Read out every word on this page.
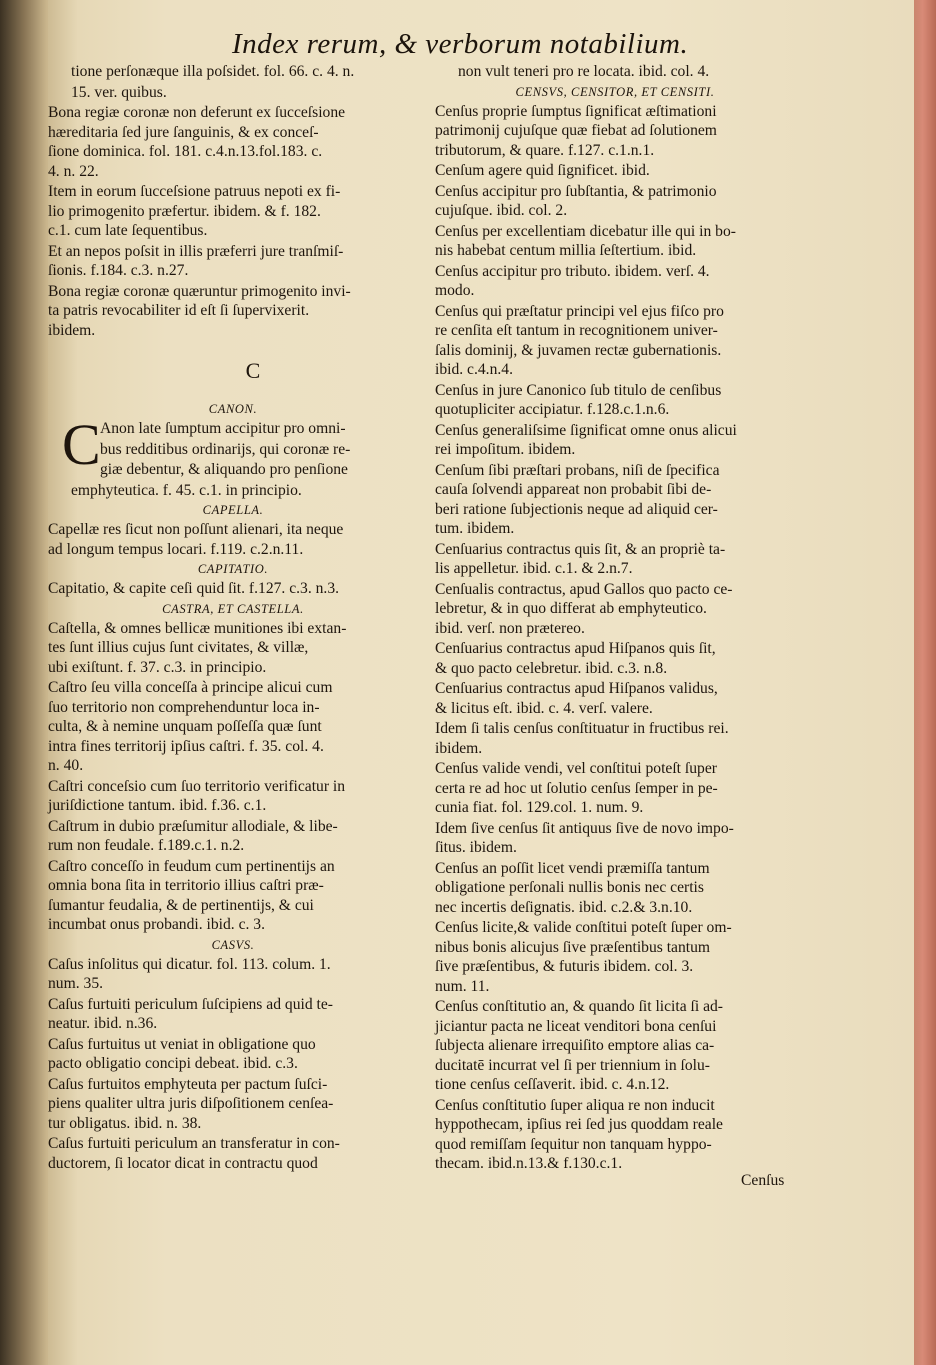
Index rerum, & verborum notabilium.
tione perſonæque illa poſsidet. fol. 66. c. 4. n.
15. ver. quibus.
Bona regiæ coronæ non deferunt ex ſucceſsione
hæreditaria ſed jure ſanguinis, & ex conceſ-
ſione dominica. fol. 181. c.4.n.13.fol.183. c.
4. n. 22.
Item in eorum ſucceſsione patruus nepoti ex fi-
lio primogenito præfertur. ibidem. & f. 182.
c.1. cum late ſequentibus.
Et an nepos poſsit in illis præferri jure tranſmiſ-
ſionis. f.184. c.3. n.27.
Bona regiæ coronæ quæruntur primogenito invi-
ta patris revocabiliter id eſt ſi ſupervixerit.
ibidem.
C
CANON.
C Anon late ſumptum accipitur pro omni-
bus redditibus ordinarijs, qui coronæ re-
giæ debentur, & aliquando pro penſione
emphyteutica. f. 45. c.1. in principio.
CAPELLA.
Capellæ res ſicut non poſſunt alienari, ita neque
ad longum tempus locari. f.119. c.2.n.11.
CAPITATIO.
Capitatio, & capite ceſi quid ſit. f.127. c.3. n.3.
CASTRA, ET CASTELLA.
Caſtella, & omnes bellicæ munitiones ibi extan-
tes ſunt illius cujus ſunt civitates, & villæ,
ubi exiſtunt. f. 37. c.3. in principio.
Caſtro ſeu villa conceſſa à principe alicui cum
ſuo territorio non comprehenduntur loca in-
culta, & à nemine unquam poſſeſſa quæ ſunt
intra fines territorij ipſius caſtri. f. 35. col. 4.
n. 40.
Caſtri conceſsio cum ſuo territorio verificatur in
juriſdictione tantum. ibid. f.36. c.1.
Caſtrum in dubio præſumitur allodiale, & libe-
rum non feudale. f.189.c.1. n.2.
Caſtro conceſſo in feudum cum pertinentijs an
omnia bona ſita in territorio illius caſtri præ-
ſumantur feudalia, & de pertinentijs, & cui
incumbat onus probandi. ibid. c. 3.
CASVS.
Caſus inſolitus qui dicatur. fol. 113. colum. 1.
num. 35.
Caſus furtuiti periculum ſuſcipiens ad quid te-
neatur. ibid. n.36.
Caſus furtuitus ut veniat in obligatione quo
pacto obligatio concipi debeat. ibid. c.3.
Caſus furtuitos emphyteuta per pactum ſuſci-
piens qualiter ultra juris diſpoſitionem cenſea-
tur obligatus. ibid. n. 38.
Caſus furtuiti periculum an transferatur in con-
ductorem, ſi locator dicat in contractu quod
non vult teneri pro re locata. ibid. col. 4.
CENSVS, CENSITOR, ET CENSITI.
Cenſus proprie ſumptus ſignificat æſtimationi
patrimonij cujuſque quæ fiebat ad ſolutionem
tributorum, & quare. f.127. c.1.n.1.
Cenſum agere quid ſignificet. ibid.
Cenſus accipitur pro ſubſtantia, & patrimonio
cujuſque. ibid. col. 2.
Cenſus per excellentiam dicebatur ille qui in bo-
nis habebat centum millia ſeſtertium. ibid.
Cenſus accipitur pro tributo. ibidem. verſ. 4.
modo.
Cenſus qui præſtatur principi vel ejus fiſco pro
re cenſita eſt tantum in recognitionem univer-
ſalis dominij, & juvamen rectæ gubernationis.
ibid. c.4.n.4.
Cenſus in jure Canonico ſub titulo de cenſibus
quotupliciter accipiatur. f.128.c.1.n.6.
Cenſus generaliſsime ſignificat omne onus alicui
rei impoſitum. ibidem.
Cenſum ſibi præſtari probans, niſi de ſpecifica
cauſa ſolvendi appareat non probabit ſibi de-
beri ratione ſubjectionis neque ad aliquid cer-
tum. ibidem.
Cenſuarius contractus quis ſit, & an propriè ta-
lis appelletur. ibid. c.1. & 2.n.7.
Cenſualis contractus, apud Gallos quo pacto ce-
lebretur, & in quo differat ab emphyteutico.
ibid. verſ. non prætereo.
Cenſuarius contractus apud Hiſpanos quis ſit,
& quo pacto celebretur. ibid. c.3. n.8.
Cenſuarius contractus apud Hiſpanos validus,
& licitus eſt. ibid. c. 4. verſ. valere.
Idem ſi talis cenſus conſtituatur in fructibus rei.
ibidem.
Cenſus valide vendi, vel conſtitui poteſt ſuper
certa re ad hoc ut ſolutio cenſus ſemper in pe-
cunia fiat. fol. 129.col. 1. num. 9.
Idem ſive cenſus ſit antiquus ſive de novo impo-
ſitus. ibidem.
Cenſus an poſſit licet vendi præmiſſa tantum
obligatione perſonali nullis bonis nec certis
nec incertis deſignatis. ibid. c.2.& 3.n.10.
Cenſus licite,& valide conſtitui poteſt ſuper om-
nibus bonis alicujus ſive præſentibus tantum
ſive præſentibus, & futuris ibidem. col. 3.
num. 11.
Cenſus conſtitutio an, & quando ſit licita ſi ad-
jiciantur pacta ne liceat venditori bona cenſui
ſubjecta alienare irrequiſito emptore alias ca-
ducitatē incurrat vel ſi per triennium in ſolu-
tione cenſus ceſſaverit. ibid. c. 4.n.12.
Cenſus conſtitutio ſuper aliqua re non inducit
hyppothecam, ipſius rei ſed jus quoddam reale
quod remiſſam ſequitur non tanquam hyppo-
thecam. ibid.n.13.& f.130.c.1.
Cenſus
